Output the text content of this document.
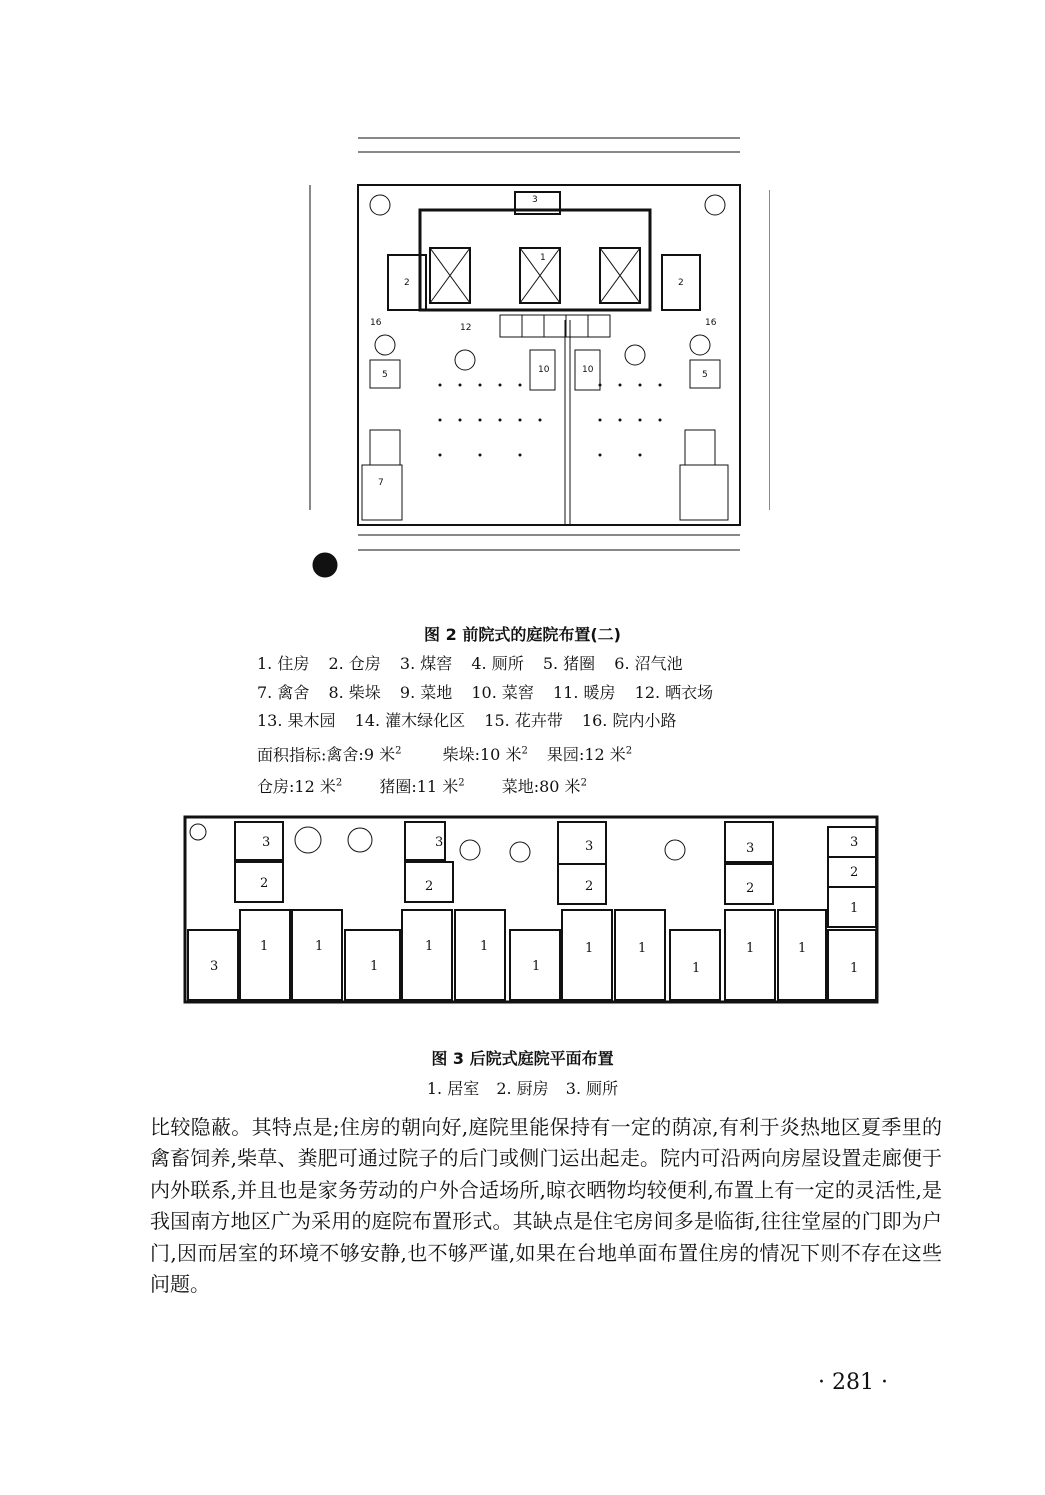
1
2	2
3
5	5
7
10	10
12
16	16
图 2 前院式的庭院布置(二)
1. 住房 2. 仓房 3. 煤窖 4. 厕所 5. 猪圈 6. 沼气池
7. 禽舍 8. 柴垛 9. 菜地 10. 菜窖 11. 暖房 12. 晒衣场
13. 果木园 14. 灌木绿化区 15. 花卉带 16. 院内小路
面积指标:禽舍:9 米$^2$	柴垛:10 米$^2$ 果园:12 米$^2$
仓房:12 米$^2$ 猪圈:11 米$^2$ 菜地:80 米$^2$
3
2
3
1	1
1
3
2
1	1
1
3
2
1	1
1
3
2
1	1
3
2
1
1
图 3 后院式庭院平面布置
1. 居室 2. 厨房 3. 厕所

比较隐蔽。其特点是;住房的朝向好,庭院里能保持有一定的荫凉,有利于炎热地区夏季里的禽畜饲养,柴草、粪肥可通过院子的后门或侧门运出起走。院内可沿两向房屋设置走廊便于内外联系,并且也是家务劳动的户外合适场所,晾衣晒物均较便利,布置上有一定的灵活性,是我国南方地区广为采用的庭院布置形式。其缺点是住宅房间多是临街,往往堂屋的门即为户门,因而居室的环境不够安静,也不够严谨,如果在台地单面布置住房的情况下则不存在这些问题。

· 281 ·
